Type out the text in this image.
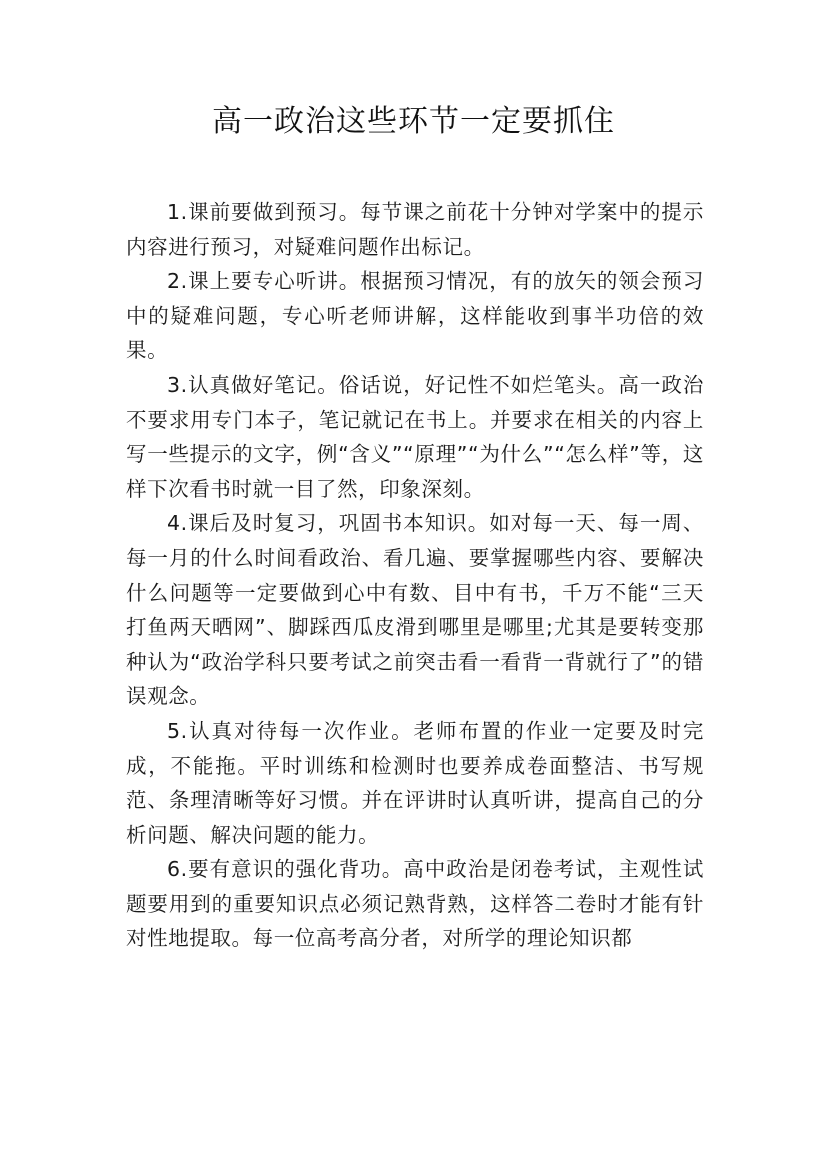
高一政治这些环节一定要抓住

1.课前要做到预习。每节课之前花十分钟对学案中的提示内容进行预习，对疑难问题作出标记。

2.课上要专心听讲。根据预习情况，有的放矢的领会预习中的疑难问题，专心听老师讲解，这样能收到事半功倍的效果。

3.认真做好笔记。俗话说，好记性不如烂笔头。高一政治不要求用专门本子，笔记就记在书上。并要求在相关的内容上写一些提示的文字，例“含义”“原理”“为什么”“怎么样”等，这样下次看书时就一目了然，印象深刻。

4.课后及时复习，巩固书本知识。如对每一天、每一周、每一月的什么时间看政治、看几遍、要掌握哪些内容、要解决什么问题等一定要做到心中有数、目中有书，千万不能“三天打鱼两天晒网”、脚踩西瓜皮滑到哪里是哪里;尤其是要转变那种认为“政治学科只要考试之前突击看一看背一背就行了”的错误观念。

5.认真对待每一次作业。老师布置的作业一定要及时完成，不能拖。平时训练和检测时也要养成卷面整洁、书写规范、条理清晰等好习惯。并在评讲时认真听讲，提高自己的分析问题、解决问题的能力。

6.要有意识的强化背功。高中政治是闭卷考试，主观性试题要用到的重要知识点必须记熟背熟，这样答二卷时才能有针对性地提取。每一位高考高分者，对所学的理论知识都
